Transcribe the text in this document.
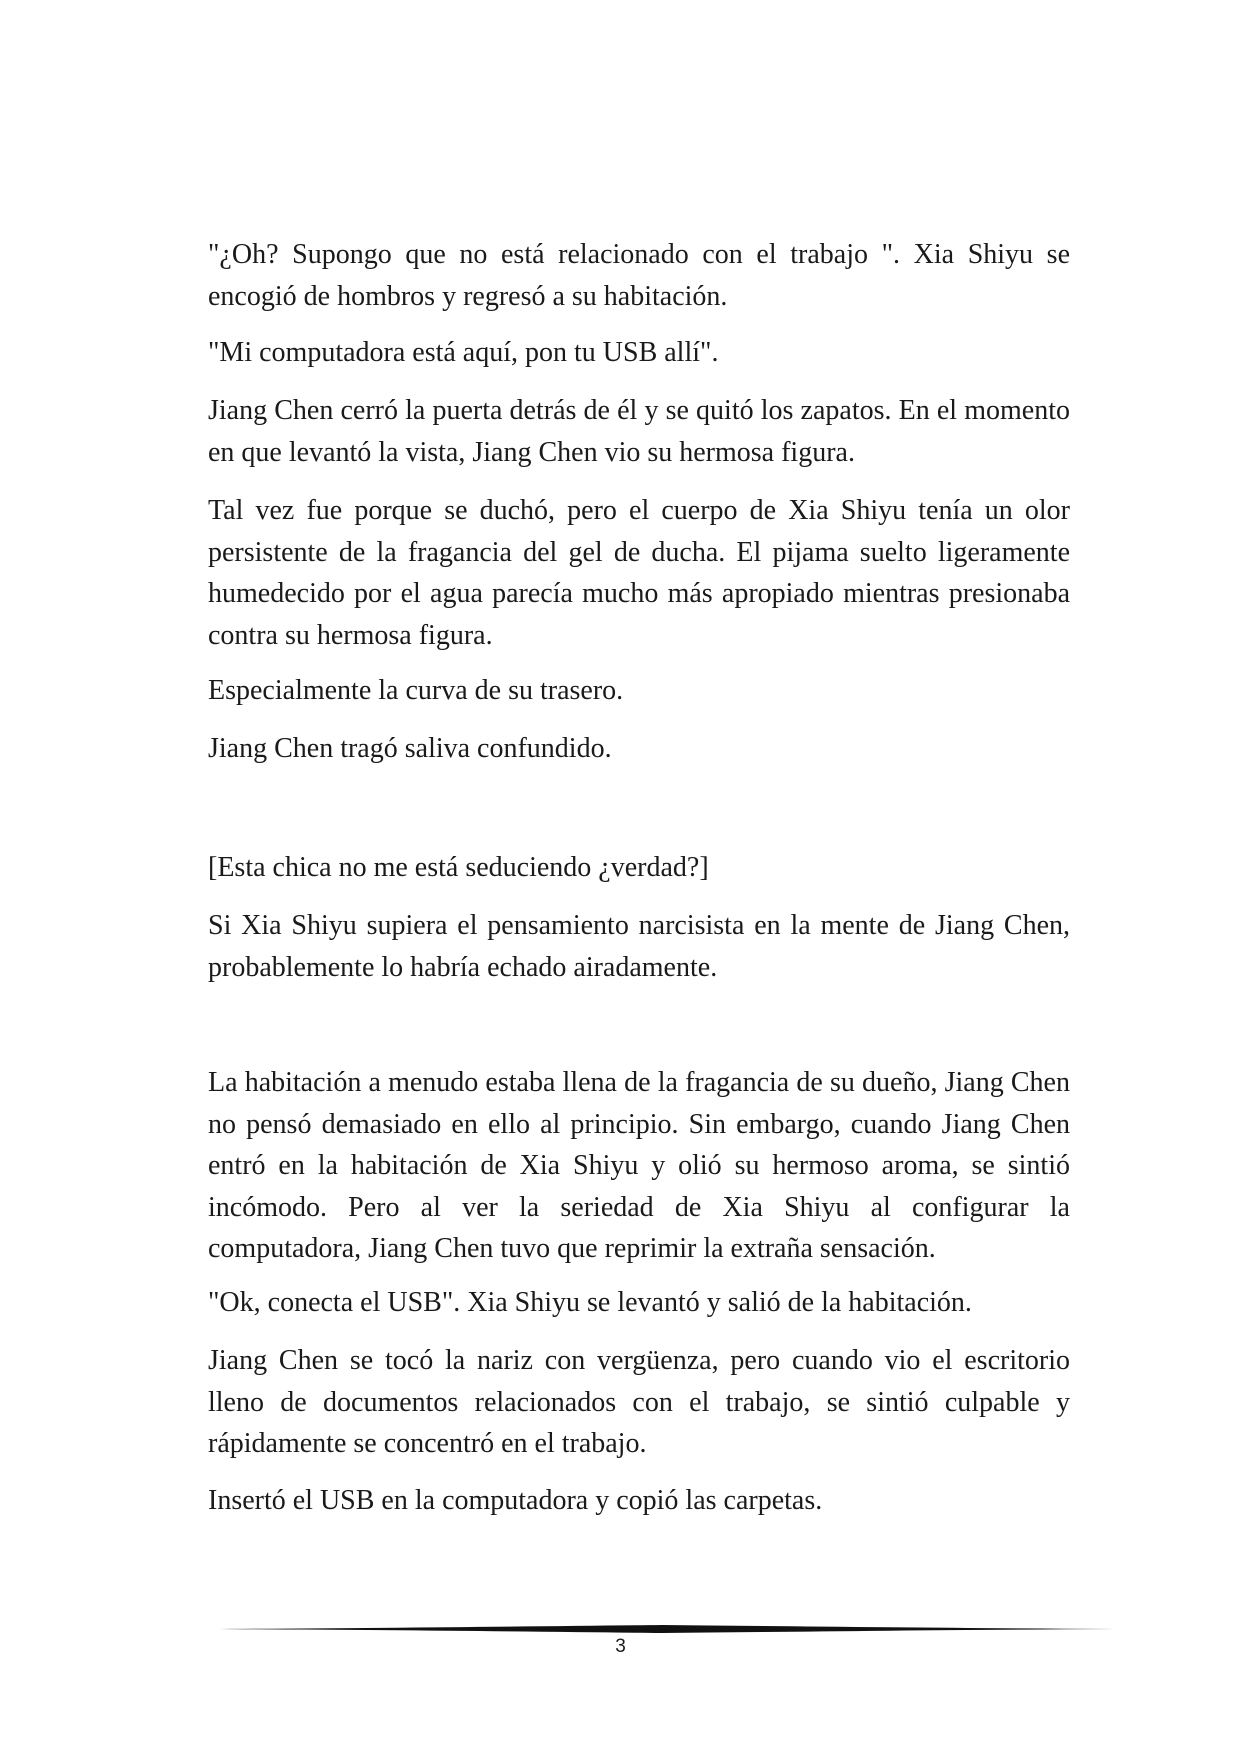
"¿Oh? Supongo que no está relacionado con el trabajo ". Xia Shiyu se encogió de hombros y regresó a su habitación.

"Mi computadora está aquí, pon tu USB allí".

Jiang Chen cerró la puerta detrás de él y se quitó los zapatos. En el momento en que levantó la vista, Jiang Chen vio su hermosa figura.

Tal vez fue porque se duchó, pero el cuerpo de Xia Shiyu tenía un olor persistente de la fragancia del gel de ducha. El pijama suelto ligeramente humedecido por el agua parecía mucho más apropiado mientras presionaba contra su hermosa figura.

Especialmente la curva de su trasero.

Jiang Chen tragó saliva confundido.

[Esta chica no me está seduciendo ¿verdad?]

Si Xia Shiyu supiera el pensamiento narcisista en la mente de Jiang Chen, probablemente lo habría echado airadamente.

La habitación a menudo estaba llena de la fragancia de su dueño, Jiang Chen no pensó demasiado en ello al principio. Sin embargo, cuando Jiang Chen entró en la habitación de Xia Shiyu y olió su hermoso aroma, se sintió incómodo. Pero al ver la seriedad de Xia Shiyu al configurar la computadora, Jiang Chen tuvo que reprimir la extraña sensación.

"Ok, conecta el USB". Xia Shiyu se levantó y salió de la habitación.

Jiang Chen se tocó la nariz con vergüenza, pero cuando vio el escritorio lleno de documentos relacionados con el trabajo, se sintió culpable y rápidamente se concentró en el trabajo.

Insertó el USB en la computadora y copió las carpetas.

3
